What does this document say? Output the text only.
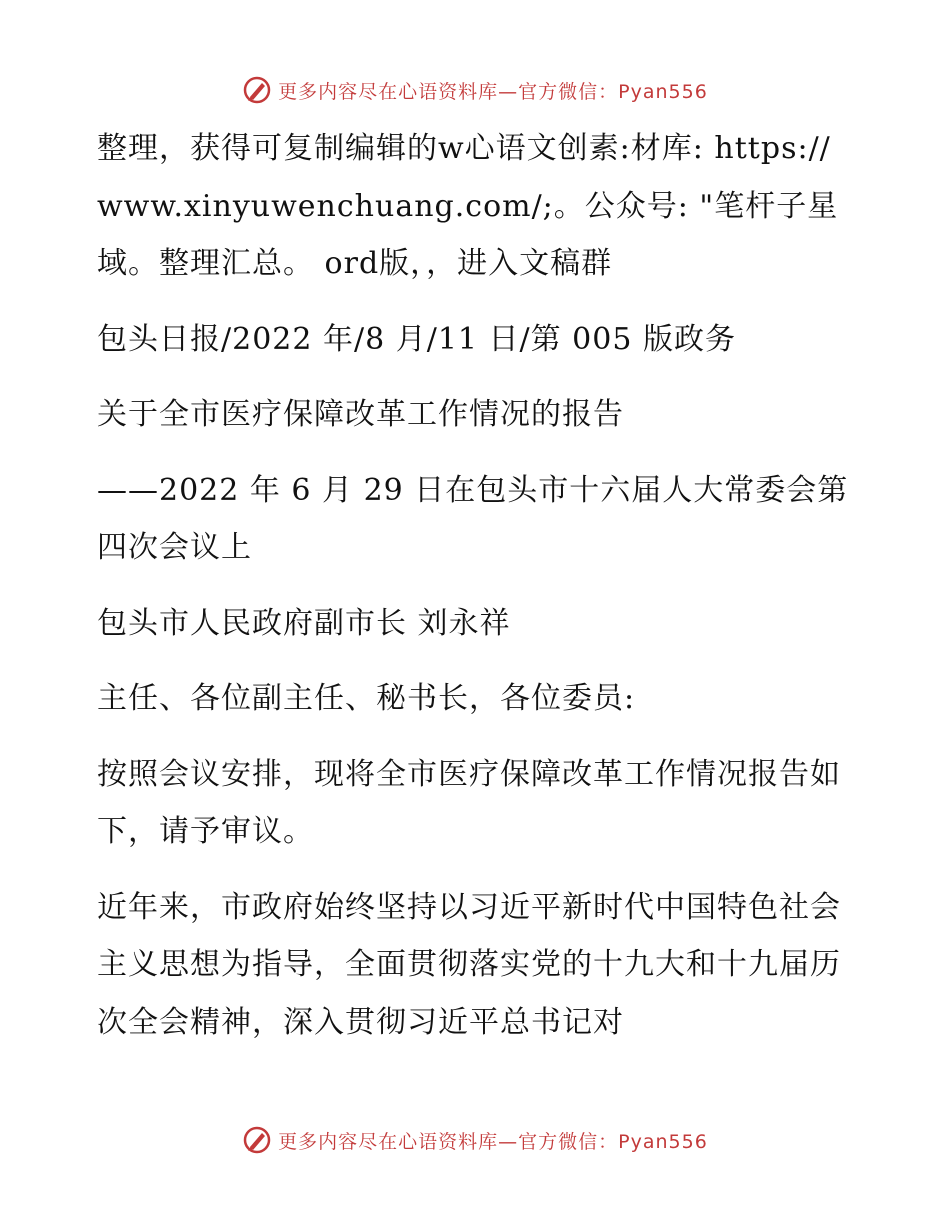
更多内容尽在心语资料库—官方微信：Pyan556

整理，获得可复制编辑的w心语文创素:材库: https://www.xinyuwenchuang.com/;。公众号: "笔杆子星域。整理汇总。 ord版，，进入文稿群

包头日报/2022 年/8 月/11 日/第 005 版政务

关于全市医疗保障改革工作情况的报告

——2022 年 6 月 29 日在包头市十六届人大常委会第四次会议上

包头市人民政府副市长 刘永祥

主任、各位副主任、秘书长，各位委员:

按照会议安排，现将全市医疗保障改革工作情况报告如下，请予审议。

近年来，市政府始终坚持以习近平新时代中国特色社会主义思想为指导，全面贯彻落实党的十九大和十九届历次全会精神，深入贯彻习近平总书记对

更多内容尽在心语资料库—官方微信：Pyan556
